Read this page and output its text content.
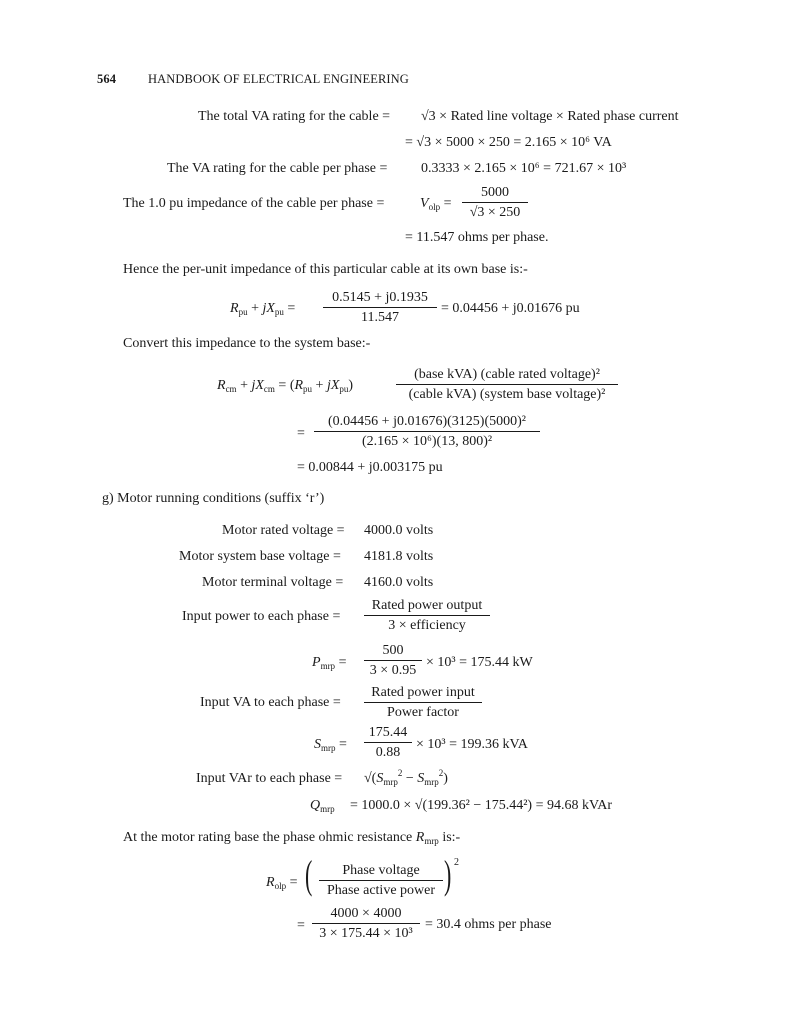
564	HANDBOOK OF ELECTRICAL ENGINEERING
The total VA rating for the cable = √3 × Rated line voltage × Rated phase current
= √3 × 5000 × 250 = 2.165 × 10⁶ VA
The VA rating for the cable per phase = 0.3333 × 2.165 × 10⁶ = 721.67 × 10³
The 1.0 pu impedance of the cable per phase =	$V_{olp}$ =
5000
√3 × 250
= 11.547 ohms per phase.
Hence the per-unit impedance of this particular cable at its own base is:-
$R_{pu} + jX_{pu}$ =
0.5145 + j0.1935
11.547
= 0.04456 + j0.01676 pu
Convert this impedance to the system base:-
$R_{cm} + jX_{cm} = (R_{pu} + jX_{pu})$
(base kVA) (cable rated voltage)²
(cable kVA) (system base voltage)²
=
(0.04456 + j0.01676)(3125)(5000)²
(2.165 × 10⁶)(13, 800)²
= 0.00844 + j0.003175 pu
g) Motor running conditions (suffix ‘r’)
Motor rated voltage = 4000.0 volts
Motor system base voltage = 4181.8 volts
Motor terminal voltage = 4160.0 volts
Input power to each phase =
Rated power output
3 × efficiency
$P_{mrp}$ =
500
3 × 0.95
× 10³ = 175.44 kW
Input VA to each phase =
Rated power input
Power factor
$S_{mrp}$ =
175.44
0.88
× 10³ = 199.36 kVA
Input VAr to each phase = $√(S_{mrp}^2 - S_{mrp}^2)$
$Q_{mrp} = 1000.0 \times √(199.36^2 - 175.44^2) = 94.68$ kVAr
At the motor rating base the phase ohmic resistance $R_{mrp}$ is:-
$R_{olp}$ = (	Phase voltage
Phase active power ) 2
=
4000 × 4000
3 × 175.44 × 10³
= 30.4 ohms per phase
